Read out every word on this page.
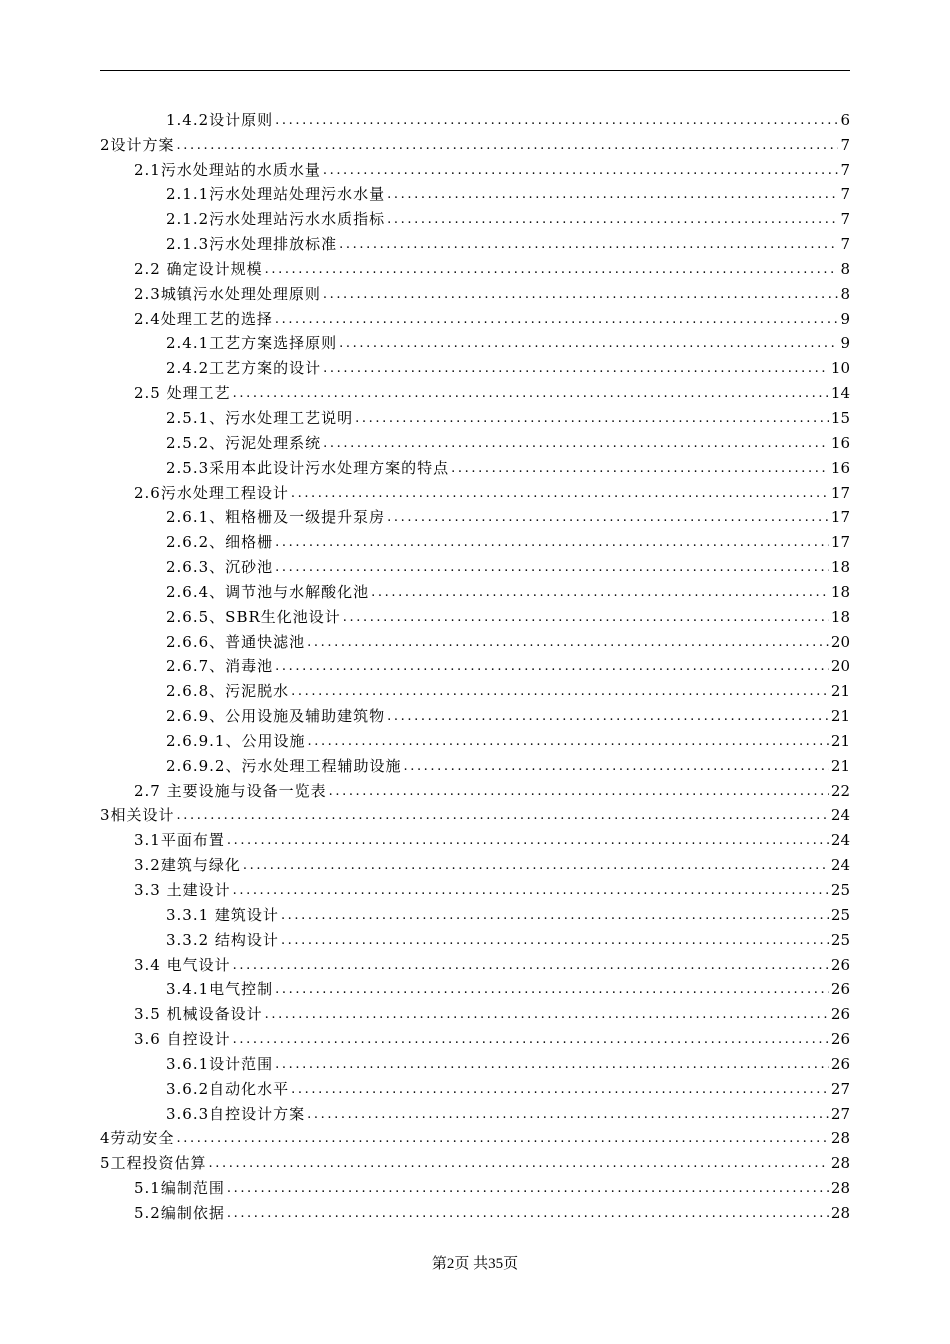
1.4.2设计原则 .....	6
2设计方案 .....	7
2.1污水处理站的水质水量 .....	7
2.1.1污水处理站处理污水水量 .....	7
2.1.2污水处理站污水水质指标 .....	7
2.1.3污水处理排放标准 .....	7
2.2 确定设计规模 .....	8
2.3城镇污水处理处理原则 .....	8
2.4处理工艺的选择 .....	9
2.4.1工艺方案选择原则 .....	9
2.4.2工艺方案的设计 .....	10
2.5 处理工艺 .....	14
2.5.1、污水处理工艺说明 .....	15
2.5.2、污泥处理系统 .....	16
2.5.3采用本此设计污水处理方案的特点 .....	16
2.6污水处理工程设计 .....	17
2.6.1、粗格栅及一级提升泵房 .....	17
2.6.2、细格栅 .....	17
2.6.3、沉砂池 .....	18
2.6.4、调节池与水解酸化池 .....	18
2.6.5、SBR生化池设计 .....	18
2.6.6、普通快滤池 .....	20
2.6.7、消毒池 .....	20
2.6.8、污泥脱水 .....	21
2.6.9、公用设施及辅助建筑物 .....	21
2.6.9.1、公用设施 .....	21
2.6.9.2、污水处理工程辅助设施 .....	21
2.7 主要设施与设备一览表 .....	22
3相关设计 .....	24
3.1平面布置 .....	24
3.2建筑与绿化 .....	24
3.3 土建设计 .....	25
3.3.1 建筑设计 .....	25
3.3.2 结构设计 .....	25
3.4 电气设计 .....	26
3.4.1电气控制 .....	26
3.5 机械设备设计 .....	26
3.6 自控设计 .....	26
3.6.1设计范围 .....	26
3.6.2自动化水平 .....	27
3.6.3自控设计方案 .....	27
4劳动安全 .....	28
5工程投资估算 .....	28
5.1编制范围 .....	28
5.2编制依据 .....	28
第2页 共35页
